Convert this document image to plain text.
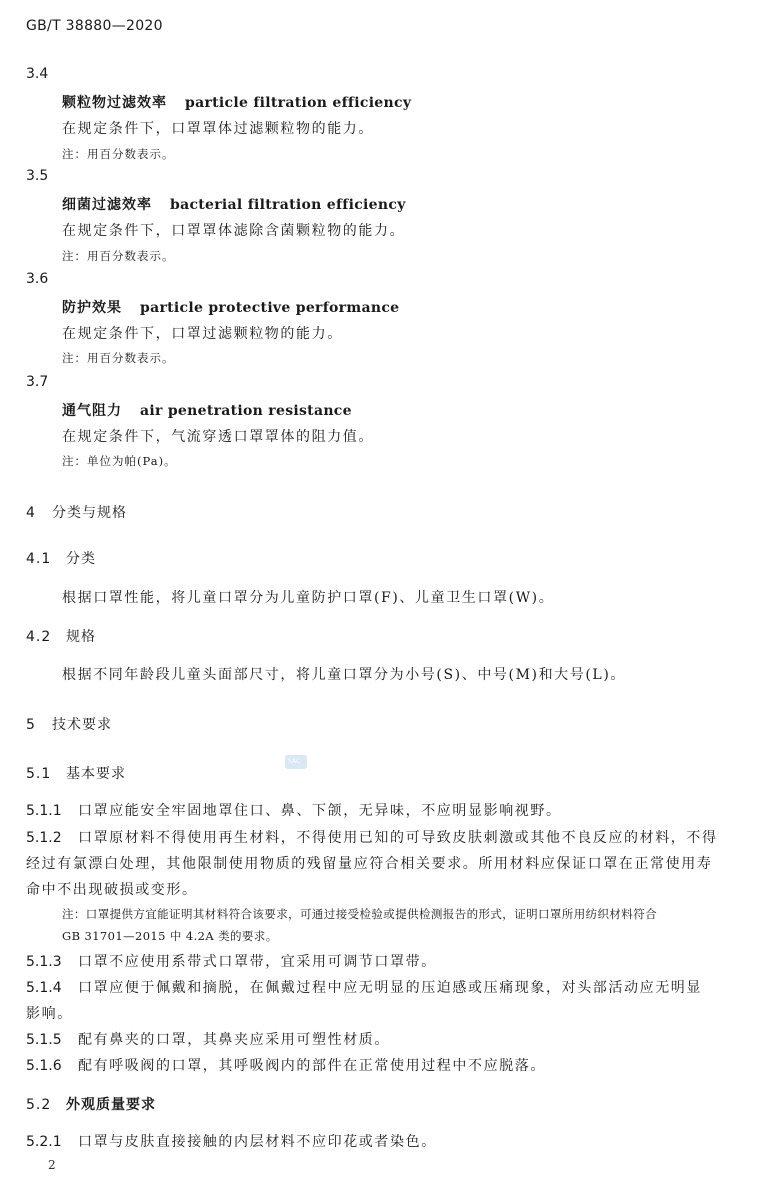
GB/T 38880—2020
3.4
颗粒物过滤效率 particle filtration efficiency
在规定条件下，口罩罩体过滤颗粒物的能力。
注：用百分数表示。
3.5
细菌过滤效率 bacterial filtration efficiency
在规定条件下，口罩罩体滤除含菌颗粒物的能力。
注：用百分数表示。
3.6
防护效果 particle protective performance
在规定条件下，口罩过滤颗粒物的能力。
注：用百分数表示。
3.7
通气阻力 air penetration resistance
在规定条件下，气流穿透口罩罩体的阻力值。
注：单位为帕(Pa)。
4 分类与规格
4.1 分类
根据口罩性能，将儿童口罩分为儿童防护口罩(F)、儿童卫生口罩(W)。
4.2 规格
根据不同年龄段儿童头面部尺寸，将儿童口罩分为小号(S)、中号(M)和大号(L)。
5 技术要求
5.1 基本要求
SAC
5.1.1 口罩应能安全牢固地罩住口、鼻、下颌，无异味，不应明显影响视野。
5.1.2 口罩原材料不得使用再生材料，不得使用已知的可导致皮肤刺激或其他不良反应的材料，不得
经过有氯漂白处理，其他限制使用物质的残留量应符合相关要求。所用材料应保证口罩在正常使用寿
命中不出现破损或变形。
注：口罩提供方宜能证明其材料符合该要求，可通过接受检验或提供检测报告的形式，证明口罩所用纺织材料符合
GB 31701—2015 中 4.2A 类的要求。
5.1.3 口罩不应使用系带式口罩带，宜采用可调节口罩带。
5.1.4 口罩应便于佩戴和摘脱，在佩戴过程中应无明显的压迫感或压痛现象，对头部活动应无明显
影响。
5.1.5 配有鼻夹的口罩，其鼻夹应采用可塑性材质。
5.1.6 配有呼吸阀的口罩，其呼吸阀内的部件在正常使用过程中不应脱落。
5.2 外观质量要求
5.2.1 口罩与皮肤直接接触的内层材料不应印花或者染色。
2
